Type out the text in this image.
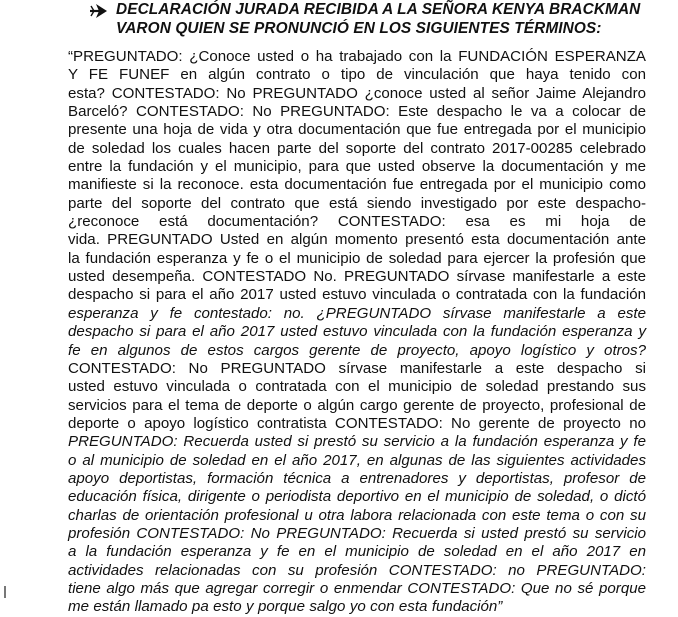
DECLARACIÓN JURADA RECIBIDA A LA SEÑORA KENYA BRACKMAN
VARON QUIEN SE PRONUNCIÓ EN LOS SIGUIENTES TÉRMINOS:
“PREGUNTADO: ¿Conoce usted o ha trabajado con la FUNDACIÓN ESPERANZA
Y FE FUNEF en algún contrato o tipo de vinculación que haya tenido con
esta? CONTESTADO: No PREGUNTADO ¿conoce usted al señor Jaime Alejandro
Barceló? CONTESTADO: No PREGUNTADO: Este despacho le va a colocar de
presente una hoja de vida y otra documentación que fue entregada por el municipio
de soledad los cuales hacen parte del soporte del contrato 2017-00285 celebrado
entre la fundación y el municipio, para que usted observe la documentación y me
manifieste si la reconoce. esta documentación fue entregada por el municipio como
parte del soporte del contrato que está siendo investigado por este despacho-
¿reconoce está documentación? CONTESTADO: esa es mi hoja de
vida. PREGUNTADO Usted en algún momento presentó esta documentación ante
la fundación esperanza y fe o el municipio de soledad para ejercer la profesión que
usted desempeña. CONTESTADO No. PREGUNTADO sírvase manifestarle a este
despacho si para el año 2017 usted estuvo vinculada o contratada con la fundación
esperanza y fe contestado: no. ¿PREGUNTADO sírvase manifestarle a este
despacho si para el año 2017 usted estuvo vinculada con la fundación esperanza y
fe en algunos de estos cargos gerente de proyecto, apoyo logístico y otros?
CONTESTADO: No PREGUNTADO sírvase manifestarle a este despacho si
usted estuvo vinculada o contratada con el municipio de soledad prestando sus
servicios para el tema de deporte o algún cargo gerente de proyecto, profesional de
deporte o apoyo logístico contratista CONTESTADO: No gerente de proyecto no
PREGUNTADO: Recuerda usted si prestó su servicio a la fundación esperanza y fe
o al municipio de soledad en el año 2017, en algunas de las siguientes actividades
apoyo deportistas, formación técnica a entrenadores y deportistas, profesor de
educación física, dirigente o periodista deportivo en el municipio de soledad, o dictó
charlas de orientación profesional u otra labora relacionada con este tema o con su
profesión CONTESTADO: No PREGUNTADO: Recuerda si usted prestó su servicio
a la fundación esperanza y fe en el municipio de soledad en el año 2017 en
actividades relacionadas con su profesión CONTESTADO: no PREGUNTADO:
tiene algo más que agregar corregir o enmendar CONTESTADO: Que no sé porque
me están llamado pa esto y porque salgo yo con esta fundación”
